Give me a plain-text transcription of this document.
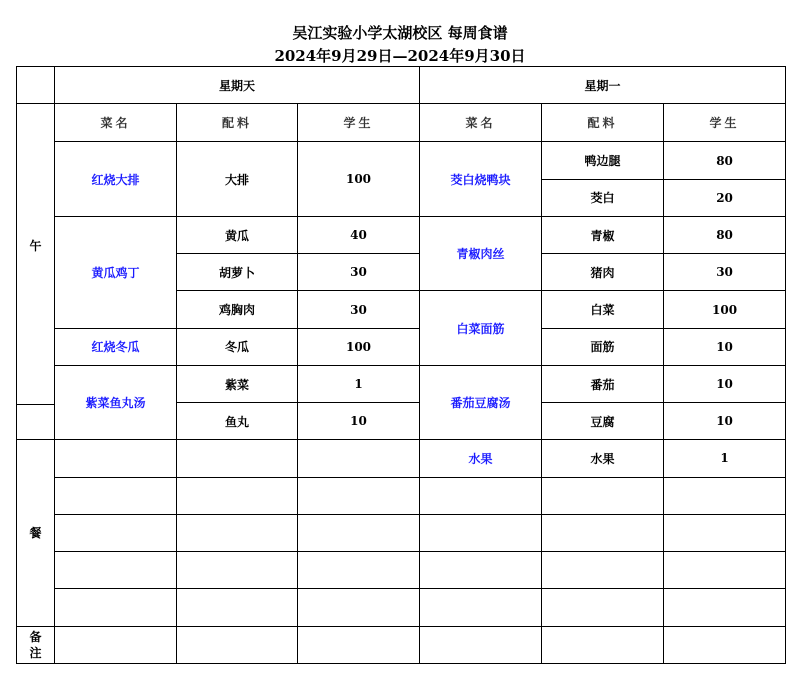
吴江实验小学太湖校区 每周食谱
2024年9月29日—2024年9月30日
	星期天			星期一		

午	菜名	配料	学生	菜名	配料	学生
	红烧大排	大排	100	茭白烧鸭块	鸭边腿	80
					茭白	20
	黄瓜鸡丁	黄瓜	40	青椒肉丝	青椒	80
		胡萝卜	30		猪肉	30
		鸡胸肉	30	白菜面筋	白菜	100
	红烧冬瓜	冬瓜	100		面筋	10
	紫菜鱼丸汤	紫菜	1	番茄豆腐汤	番茄	10
		鱼丸	10		豆腐	10
餐				水果	水果	1

备注						
